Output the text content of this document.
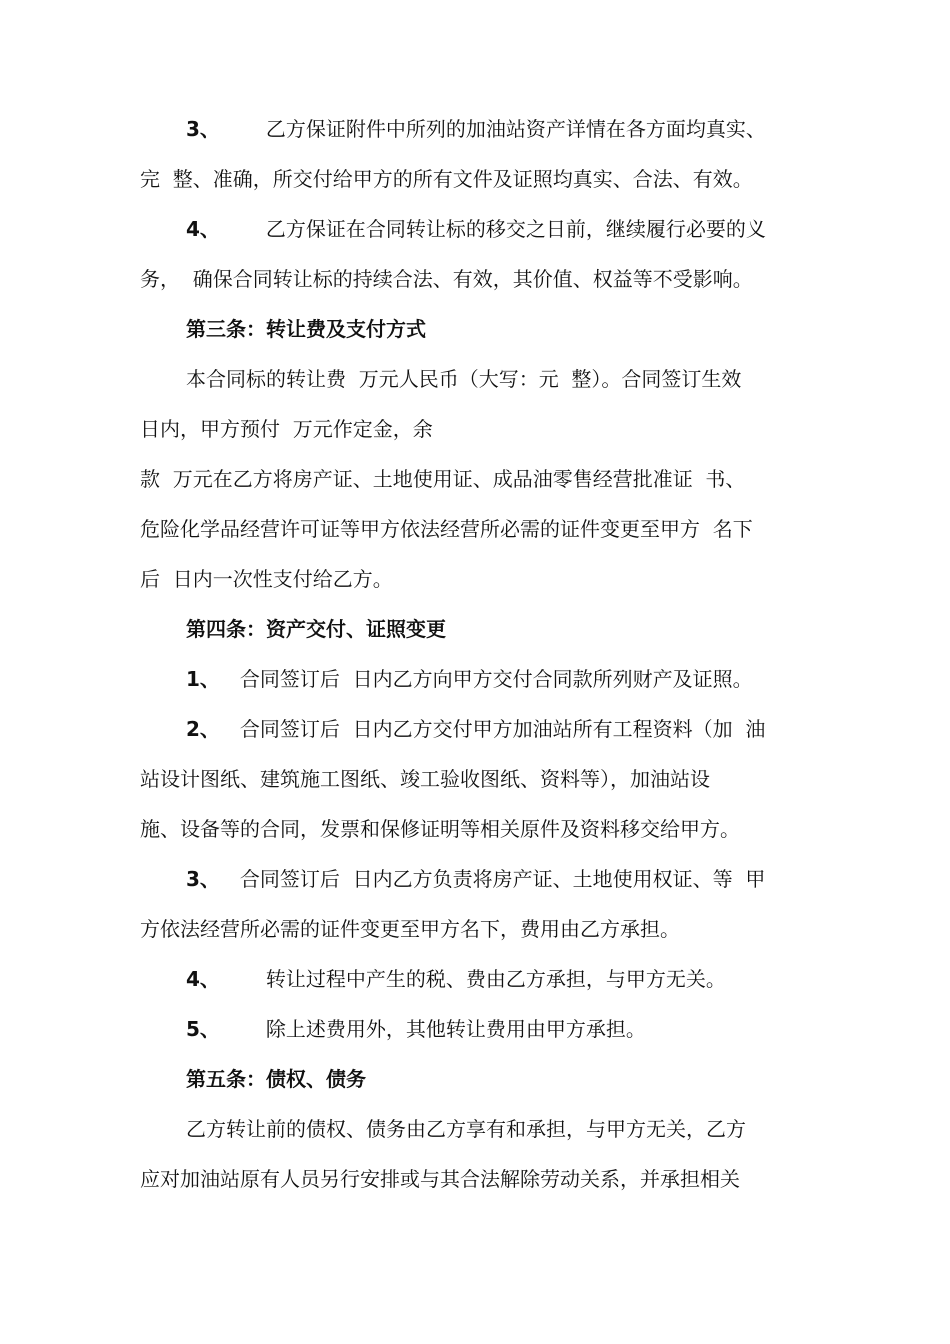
3、 乙方保证附件中所列的加油站资产详情在各方面均真实、
完  整、准确，所交付给甲方的所有文件及证照均真实、合法、有效。
4、 乙方保证在合同转让标的移交之日前，继续履行必要的义
务，  确保合同转让标的持续合法、有效，其价值、权益等不受影响。
第三条：转让费及支付方式
本合同标的转让费  万元人民币（大写：元  整）。合同签订生效
日内，甲方预付  万元作定金，余
款  万元在乙方将房产证、土地使用证、成品油零售经营批准证  书、
危险化学品经营许可证等甲方依法经营所必需的证件变更至甲方  名下
后  日内一次性支付给乙方。
第四条：资产交付、证照变更
1、 合同签订后  日内乙方向甲方交付合同款所列财产及证照。
2、 合同签订后  日内乙方交付甲方加油站所有工程资料（加  油
站设计图纸、建筑施工图纸、竣工验收图纸、资料等），加油站设
施、设备等的合同，发票和保修证明等相关原件及资料移交给甲方。
3、 合同签订后  日内乙方负责将房产证、土地使用权证、等  甲
方依法经营所必需的证件变更至甲方名下，费用由乙方承担。
4、 转让过程中产生的税、费由乙方承担，与甲方无关。
5、 除上述费用外，其他转让费用由甲方承担。
第五条：债权、债务
乙方转让前的债权、债务由乙方享有和承担，与甲方无关，乙方
应对加油站原有人员另行安排或与其合法解除劳动关系，并承担相关
